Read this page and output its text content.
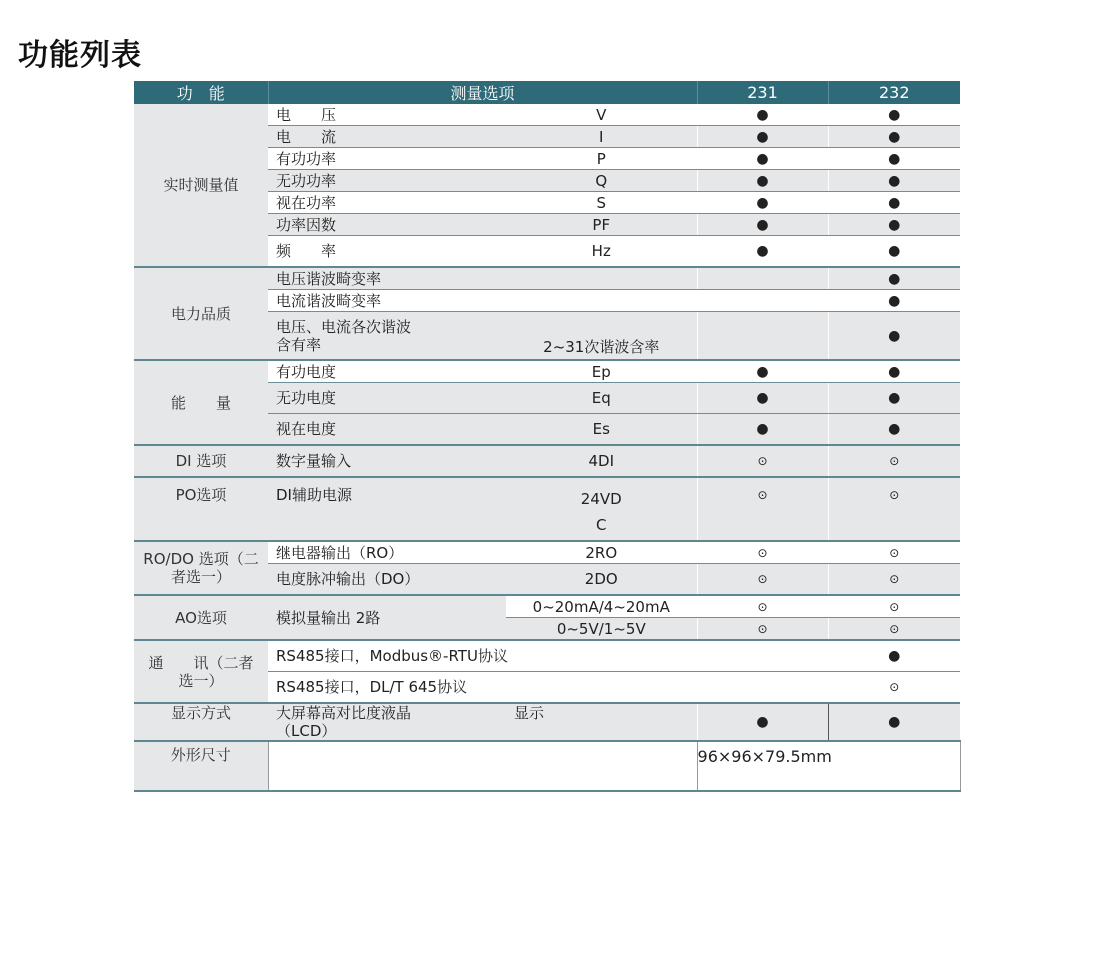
功能列表
功　能	测量选项		231	232
实时测量值	电　　压	V	●	●
	电　　流	I	●	●
	有功功率	P	●	●
	无功功率	Q	●	●
	视在功率	S	●	●
	功率因数	PF	●	●
	频　　率	Hz	●	●
电力品质	电压谐波畸变率			●
	电流谐波畸变率			●
	电压、电流各次谐波含有率	2~31次谐波含率		●
能　　量	有功电度	Ep	●	●
	无功电度	Eq	●	●
	视在电度	Es	●	●
DI 选项	数字量输入	4DI	⊙	⊙
PO选项	DI辅助电源	24VDC	⊙	⊙
RO/DO 选项（二者选一）	继电器输出（RO）	2RO	⊙	⊙
	电度脉冲输出（DO）	2DO	⊙	⊙
AO选项	模拟量输出 2路	0~20mA/4~20mA	⊙	⊙
		0~5V/1~5V	⊙	⊙
通　　讯（二者选一）	RS485接口，Modbus®-RTU协议			●
	RS485接口，DL/T 645协议			⊙
显示方式	大屏幕高对比度液晶（LCD）	显示	●	●
外形尺寸			96×96×79.5mm	
